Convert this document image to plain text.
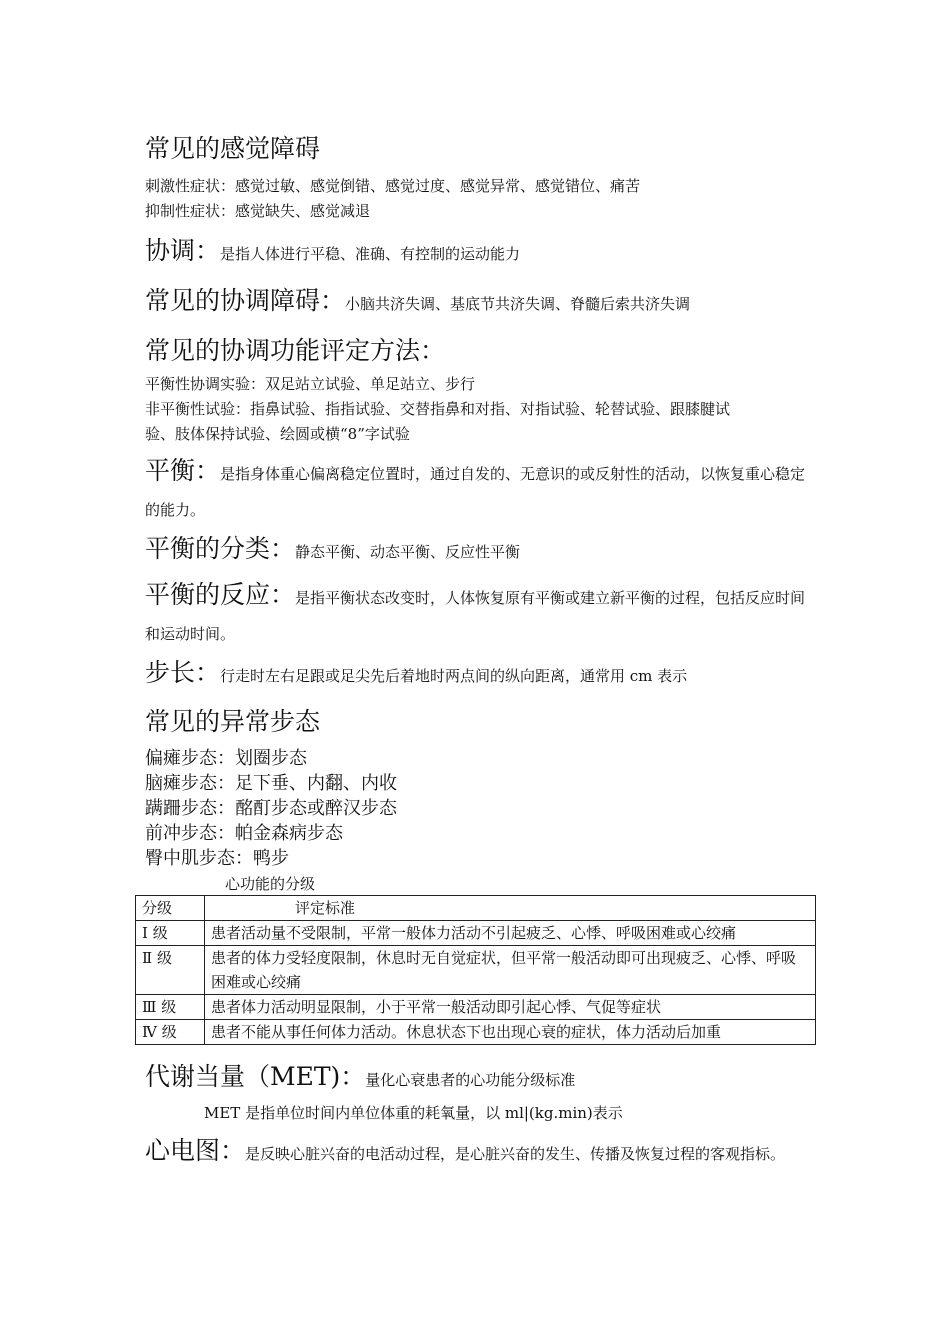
常见的感觉障碍
刺激性症状：感觉过敏、感觉倒错、感觉过度、感觉异常、感觉错位、痛苦
抑制性症状：感觉缺失、感觉减退
协调：是指人体进行平稳、准确、有控制的运动能力
常见的协调障碍：小脑共济失调、基底节共济失调、脊髓后索共济失调
常见的协调功能评定方法：
平衡性协调实验：双足站立试验、单足站立、步行
非平衡性试验：指鼻试验、指指试验、交替指鼻和对指、对指试验、轮替试验、跟膝腱试
验、肢体保持试验、绘圆或横“8”字试验
平衡：是指身体重心偏离稳定位置时，通过自发的、无意识的或反射性的活动，以恢复重心稳定的能力。
平衡的分类：静态平衡、动态平衡、反应性平衡
平衡的反应：是指平衡状态改变时，人体恢复原有平衡或建立新平衡的过程，包括反应时间和运动时间。
步长：行走时左右足跟或足尖先后着地时两点间的纵向距离，通常用 cm 表示
常见的异常步态
偏瘫步态：划圈步态
脑瘫步态：足下垂、内翻、内收
蹒跚步态：酩酊步态或醉汉步态
前冲步态：帕金森病步态
臀中肌步态：鸭步
心功能的分级
分级	评定标准
Ⅰ 级	患者活动量不受限制，平常一般体力活动不引起疲乏、心悸、呼吸困难或心绞痛
Ⅱ 级	患者的体力受轻度限制，休息时无自觉症状，但平常一般活动即可出现疲乏、心悸、呼吸困难或心绞痛
Ⅲ 级	患者体力活动明显限制，小于平常一般活动即引起心悸、气促等症状
Ⅳ 级	患者不能从事任何体力活动。休息状态下也出现心衰的症状，体力活动后加重
代谢当量（MET)：量化心衰患者的心功能分级标准
MET 是指单位时间内单位体重的耗氧量，以 ml|(kg.min)表示
心电图：是反映心脏兴奋的电活动过程，是心脏兴奋的发生、传播及恢复过程的客观指标。
